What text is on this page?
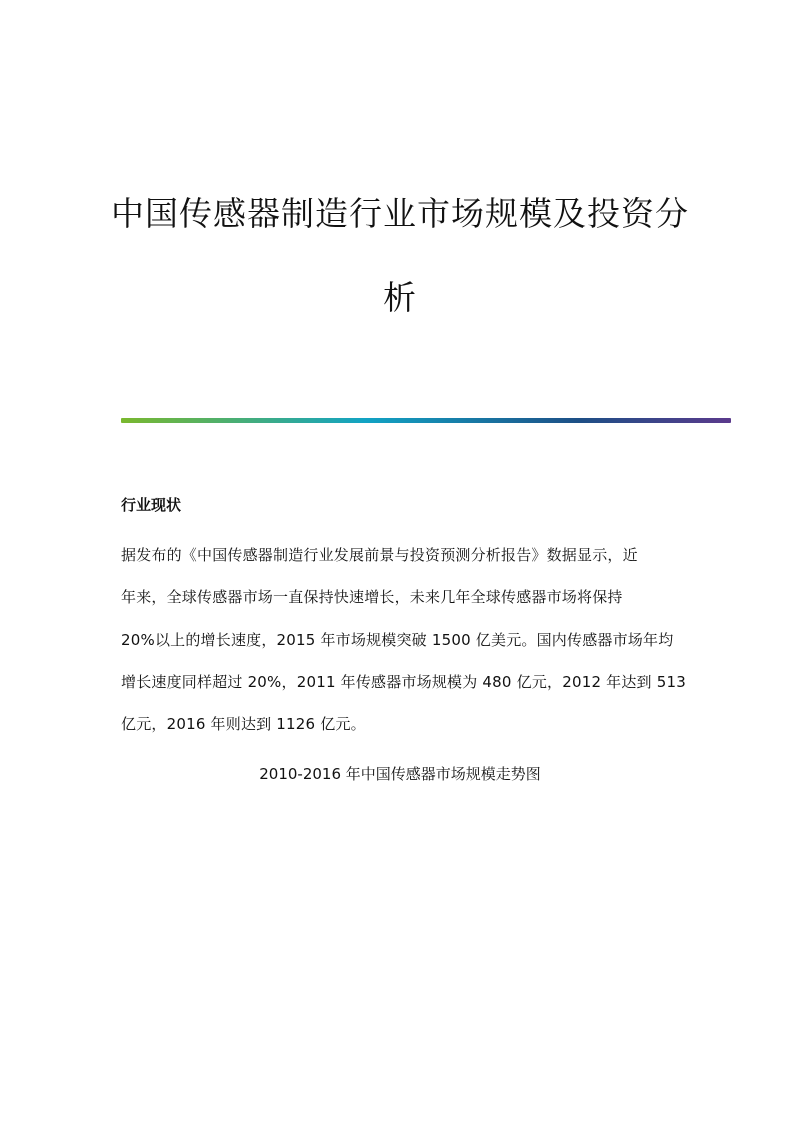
中国传感器制造行业市场规模及投资分
析
行业现状
据发布的《中国传感器制造行业发展前景与投资预测分析报告》数据显示，近
年来，全球传感器市场一直保持快速增长，未来几年全球传感器市场将保持
20%以上的增长速度，2015 年市场规模突破 1500 亿美元。国内传感器市场年均
增长速度同样超过 20%，2011 年传感器市场规模为 480 亿元，2012 年达到 513
亿元，2016 年则达到 1126 亿元。
2010-2016 年中国传感器市场规模走势图
